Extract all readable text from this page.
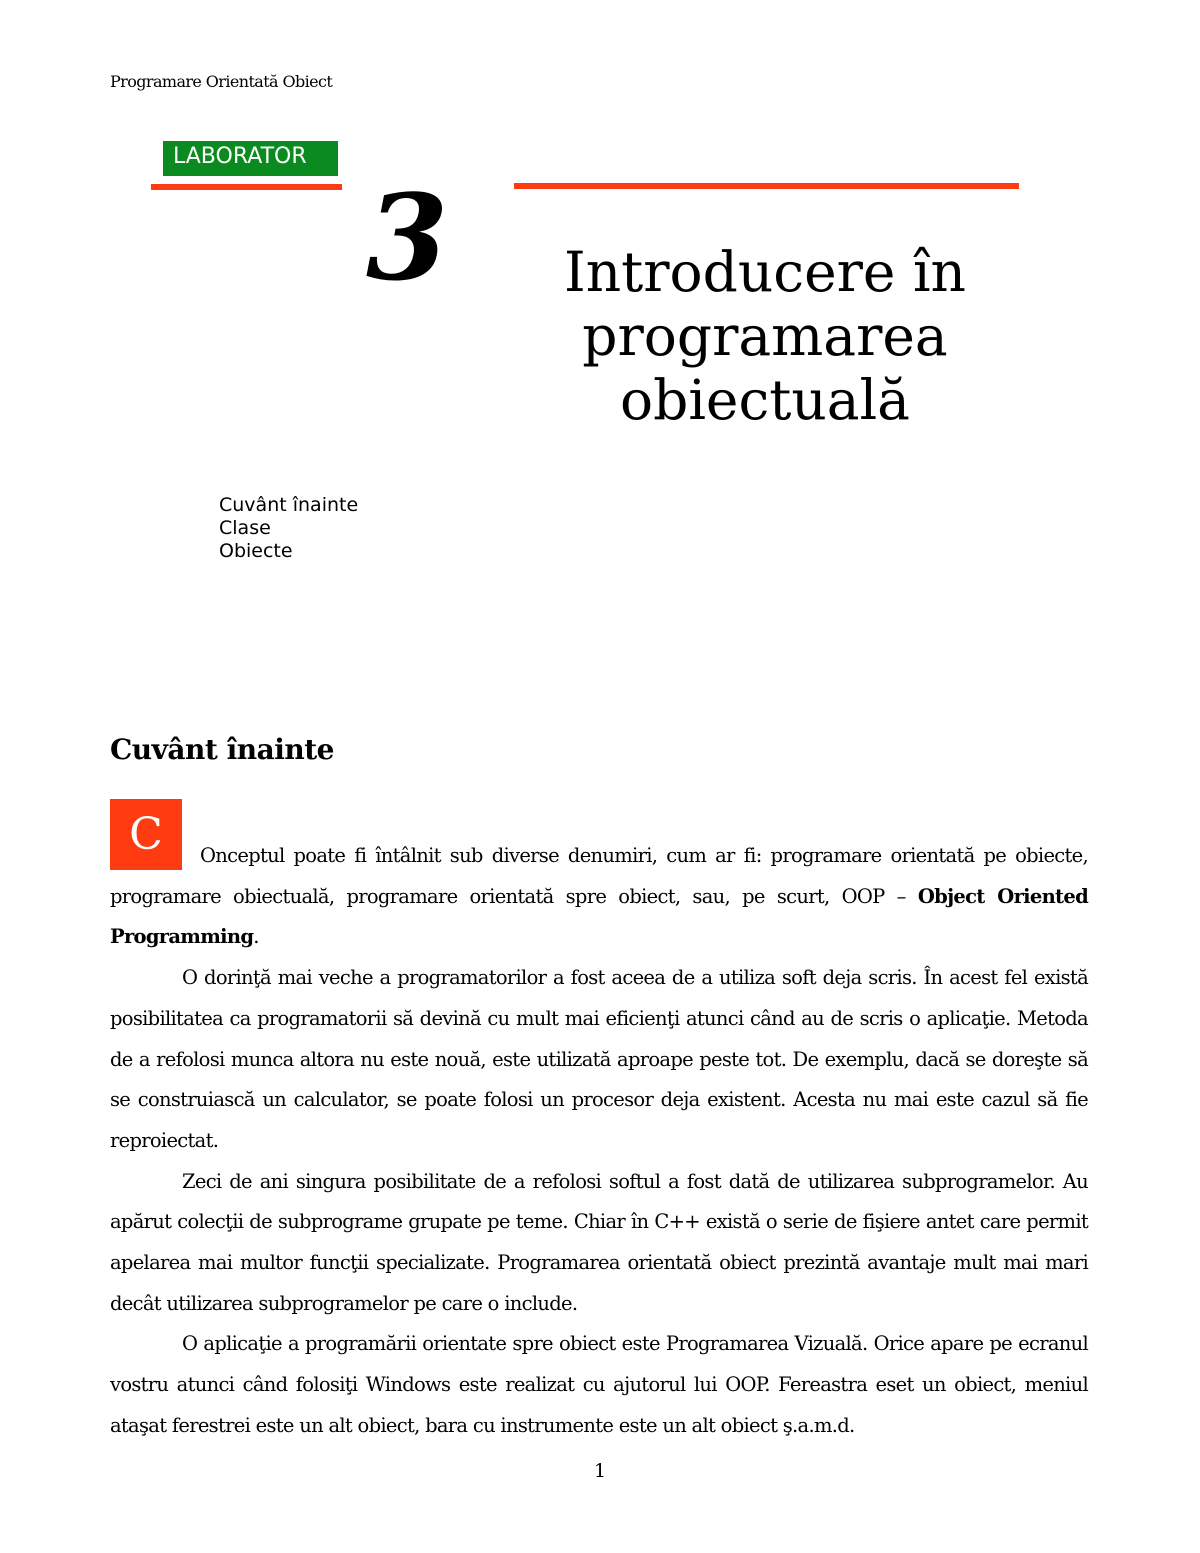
Programare Orientată Obiect
LABORATOR
3	Introducere în
programarea
obiectuală
Cuvânt înainte
Clase
Obiecte
Cuvânt înainte
C	Onceptul poate fi întâlnit sub diverse denumiri, cum ar fi: programare orientată pe obiecte, programare obiectuală, programare orientată spre obiect, sau, pe scurt, OOP – Object Oriented Programming.

O dorinţă mai veche a programatorilor a fost aceea de a utiliza soft deja scris. În acest fel există posibilitatea ca programatorii să devină cu mult mai eficienţi atunci când au de scris o aplicaţie. Metoda de a refolosi munca altora nu este nouă, este utilizată aproape peste tot. De exemplu, dacă se doreşte să se construiască un calculator, se poate folosi un procesor deja existent. Acesta nu mai este cazul să fie reproiectat.

Zeci de ani singura posibilitate de a refolosi softul a fost dată de utilizarea subprogramelor. Au apărut colecţii de subprograme grupate pe teme. Chiar în C++ există o serie de fişiere antet care permit apelarea mai multor funcţii specializate. Programarea orientată obiect prezintă avantaje mult mai mari decât utilizarea subprogramelor pe care o include.

O aplicaţie a programării orientate spre obiect este Programarea Vizuală. Orice apare pe ecranul vostru atunci când folosiţi Windows este realizat cu ajutorul lui OOP. Fereastra eset un obiect, meniul ataşat ferestrei este un alt obiect, bara cu instrumente este un alt obiect ş.a.m.d.

1
